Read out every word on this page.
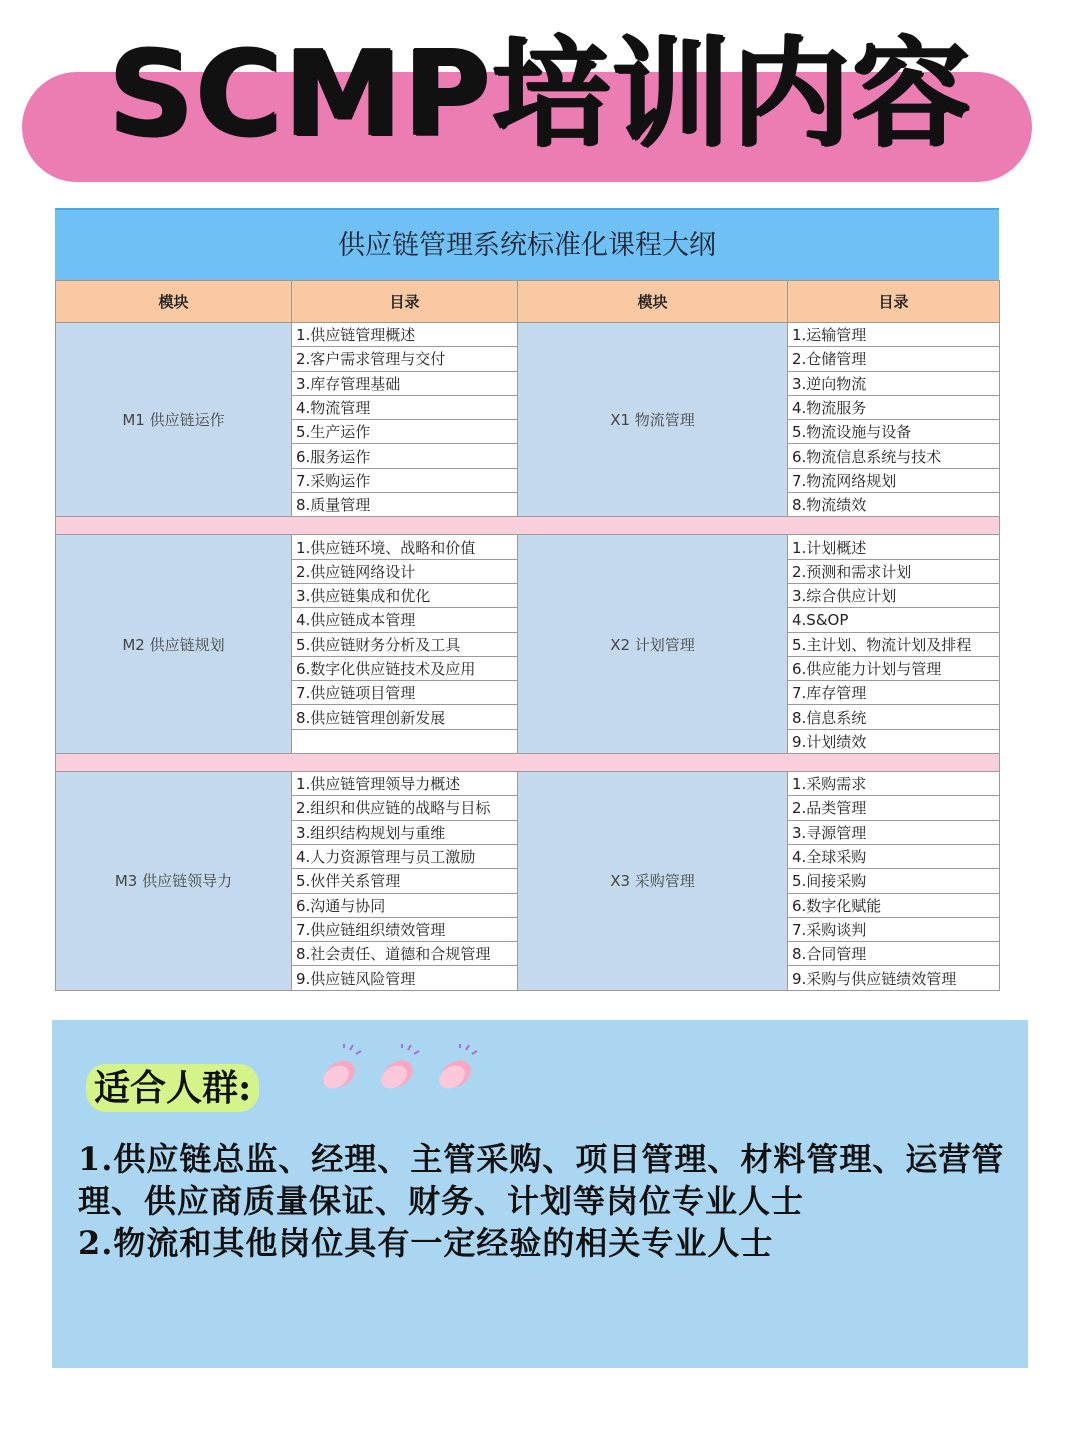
SCMP培训内容
供应链管理系统标准化课程大纲
模块	目录	模块	目录
M1 供应链运作	1.供应链管理概述	X1 物流管理	1.运输管理
	2.客户需求管理与交付		2.仓储管理
	3.库存管理基础		3.逆向物流
	4.物流管理		4.物流服务
	5.生产运作		5.物流设施与设备
	6.服务运作		6.物流信息系统与技术
	7.采购运作		7.物流网络规划
	8.质量管理		8.物流绩效

M2 供应链规划	1.供应链环境、战略和价值	X2 计划管理	1.计划概述
	2.供应链网络设计		2.预测和需求计划
	3.供应链集成和优化		3.综合供应计划
	4.供应链成本管理		4.S&OP
	5.供应链财务分析及工具		5.主计划、物流计划及排程
	6.数字化供应链技术及应用		6.供应能力计划与管理
	7.供应链项目管理		7.库存管理
	8.供应链管理创新发展		8.信息系统
			9.计划绩效

M3 供应链领导力	1.供应链管理领导力概述	X3 采购管理	1.采购需求
	2.组织和供应链的战略与目标		2.品类管理
	3.组织结构规划与重维		3.寻源管理
	4.人力资源管理与员工激励		4.全球采购
	5.伙伴关系管理		5.间接采购
	6.沟通与协同		6.数字化赋能
	7.供应链组织绩效管理		7.采购谈判
	8.社会责任、道德和合规管理		8.合同管理
	9.供应链风险管理		9.采购与供应链绩效管理
适合人群:
1.供应链总监、经理、主管采购、项目管理、材料管理、运营管理、供应商质量保证、财务、计划等岗位专业人士
2.物流和其他岗位具有一定经验的相关专业人士
